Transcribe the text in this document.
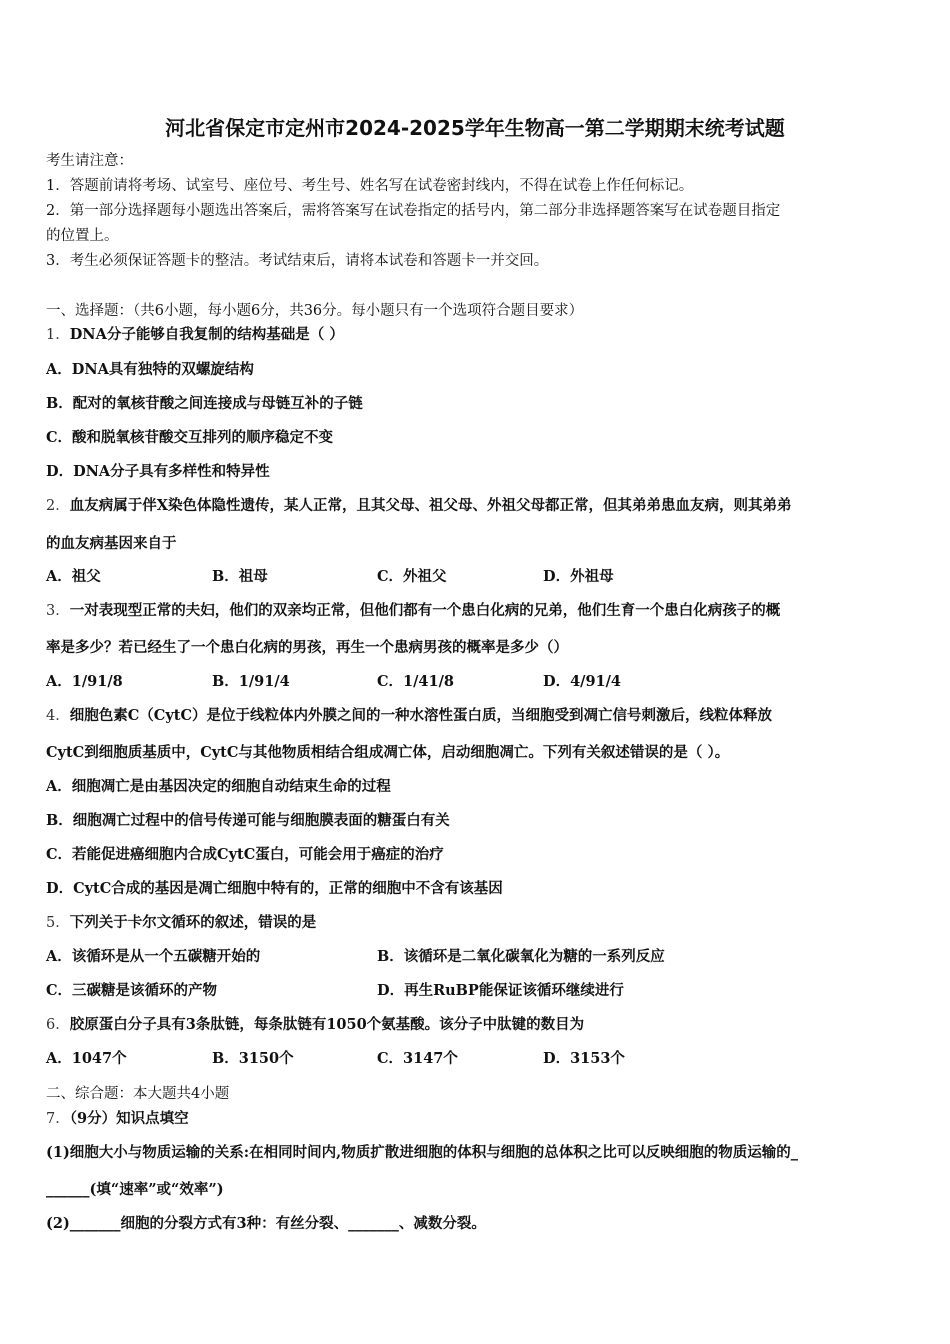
河北省保定市定州市2024-2025学年生物高一第二学期期末统考试题
考生请注意：
1．答题前请将考场、试室号、座位号、考生号、姓名写在试卷密封线内，不得在试卷上作任何标记。
2．第一部分选择题每小题选出答案后，需将答案写在试卷指定的括号内，第二部分非选择题答案写在试卷题目指定
的位置上。
3．考生必须保证答题卡的整洁。考试结束后，请将本试卷和答题卡一并交回。
一、选择题：（共6小题，每小题6分，共36分。每小题只有一个选项符合题目要求）
1．DNA分子能够自我复制的结构基础是（ ）
A．DNA具有独特的双螺旋结构
B．配对的氧核苷酸之间连接成与母链互补的子链
C．酸和脱氧核苷酸交互排列的顺序稳定不变
D．DNA分子具有多样性和特异性
2．血友病属于伴X染色体隐性遗传，某人正常，且其父母、祖父母、外祖父母都正常，但其弟弟患血友病，则其弟弟
的血友病基因来自于
A．祖父	B．祖母	C．外祖父	D．外祖母
3．一对表现型正常的夫妇，他们的双亲均正常，但他们都有一个患白化病的兄弟，他们生育一个患白化病孩子的概
率是多少？若已经生了一个患白化病的男孩，再生一个患病男孩的概率是多少（）
A．1/91/8	B．1/91/4	C．1/41/8	D．4/91/4
4．细胞色素C（CytC）是位于线粒体内外膜之间的一种水溶性蛋白质，当细胞受到凋亡信号刺激后，线粒体释放
CytC到细胞质基质中，CytC与其他物质相结合组成凋亡体，启动细胞凋亡。下列有关叙述错误的是（ ）。
A．细胞凋亡是由基因决定的细胞自动结束生命的过程
B．细胞凋亡过程中的信号传递可能与细胞膜表面的糖蛋白有关
C．若能促进癌细胞内合成CytC蛋白，可能会用于癌症的治疗
D．CytC合成的基因是凋亡细胞中特有的，正常的细胞中不含有该基因
5．下列关于卡尔文循环的叙述，错误的是
A．该循环是从一个五碳糖开始的	B．该循环是二氧化碳氧化为糖的一系列反应
C．三碳糖是该循环的产物	D．再生RuBP能保证该循环继续进行
6．胶原蛋白分子具有3条肽链，每条肽链有1050个氨基酸。该分子中肽键的数目为
A．1047个	B．3150个	C．3147个	D．3153个
二、综合题：本大题共4小题
7．（9分）知识点填空
(1)细胞大小与物质运输的关系:在相同时间内,物质扩散进细胞的体积与细胞的总体积之比可以反映细胞的物质运输的_
______(填“速率”或“效率”)
(2)_______细胞的分裂方式有3种：有丝分裂、_______、减数分裂。
